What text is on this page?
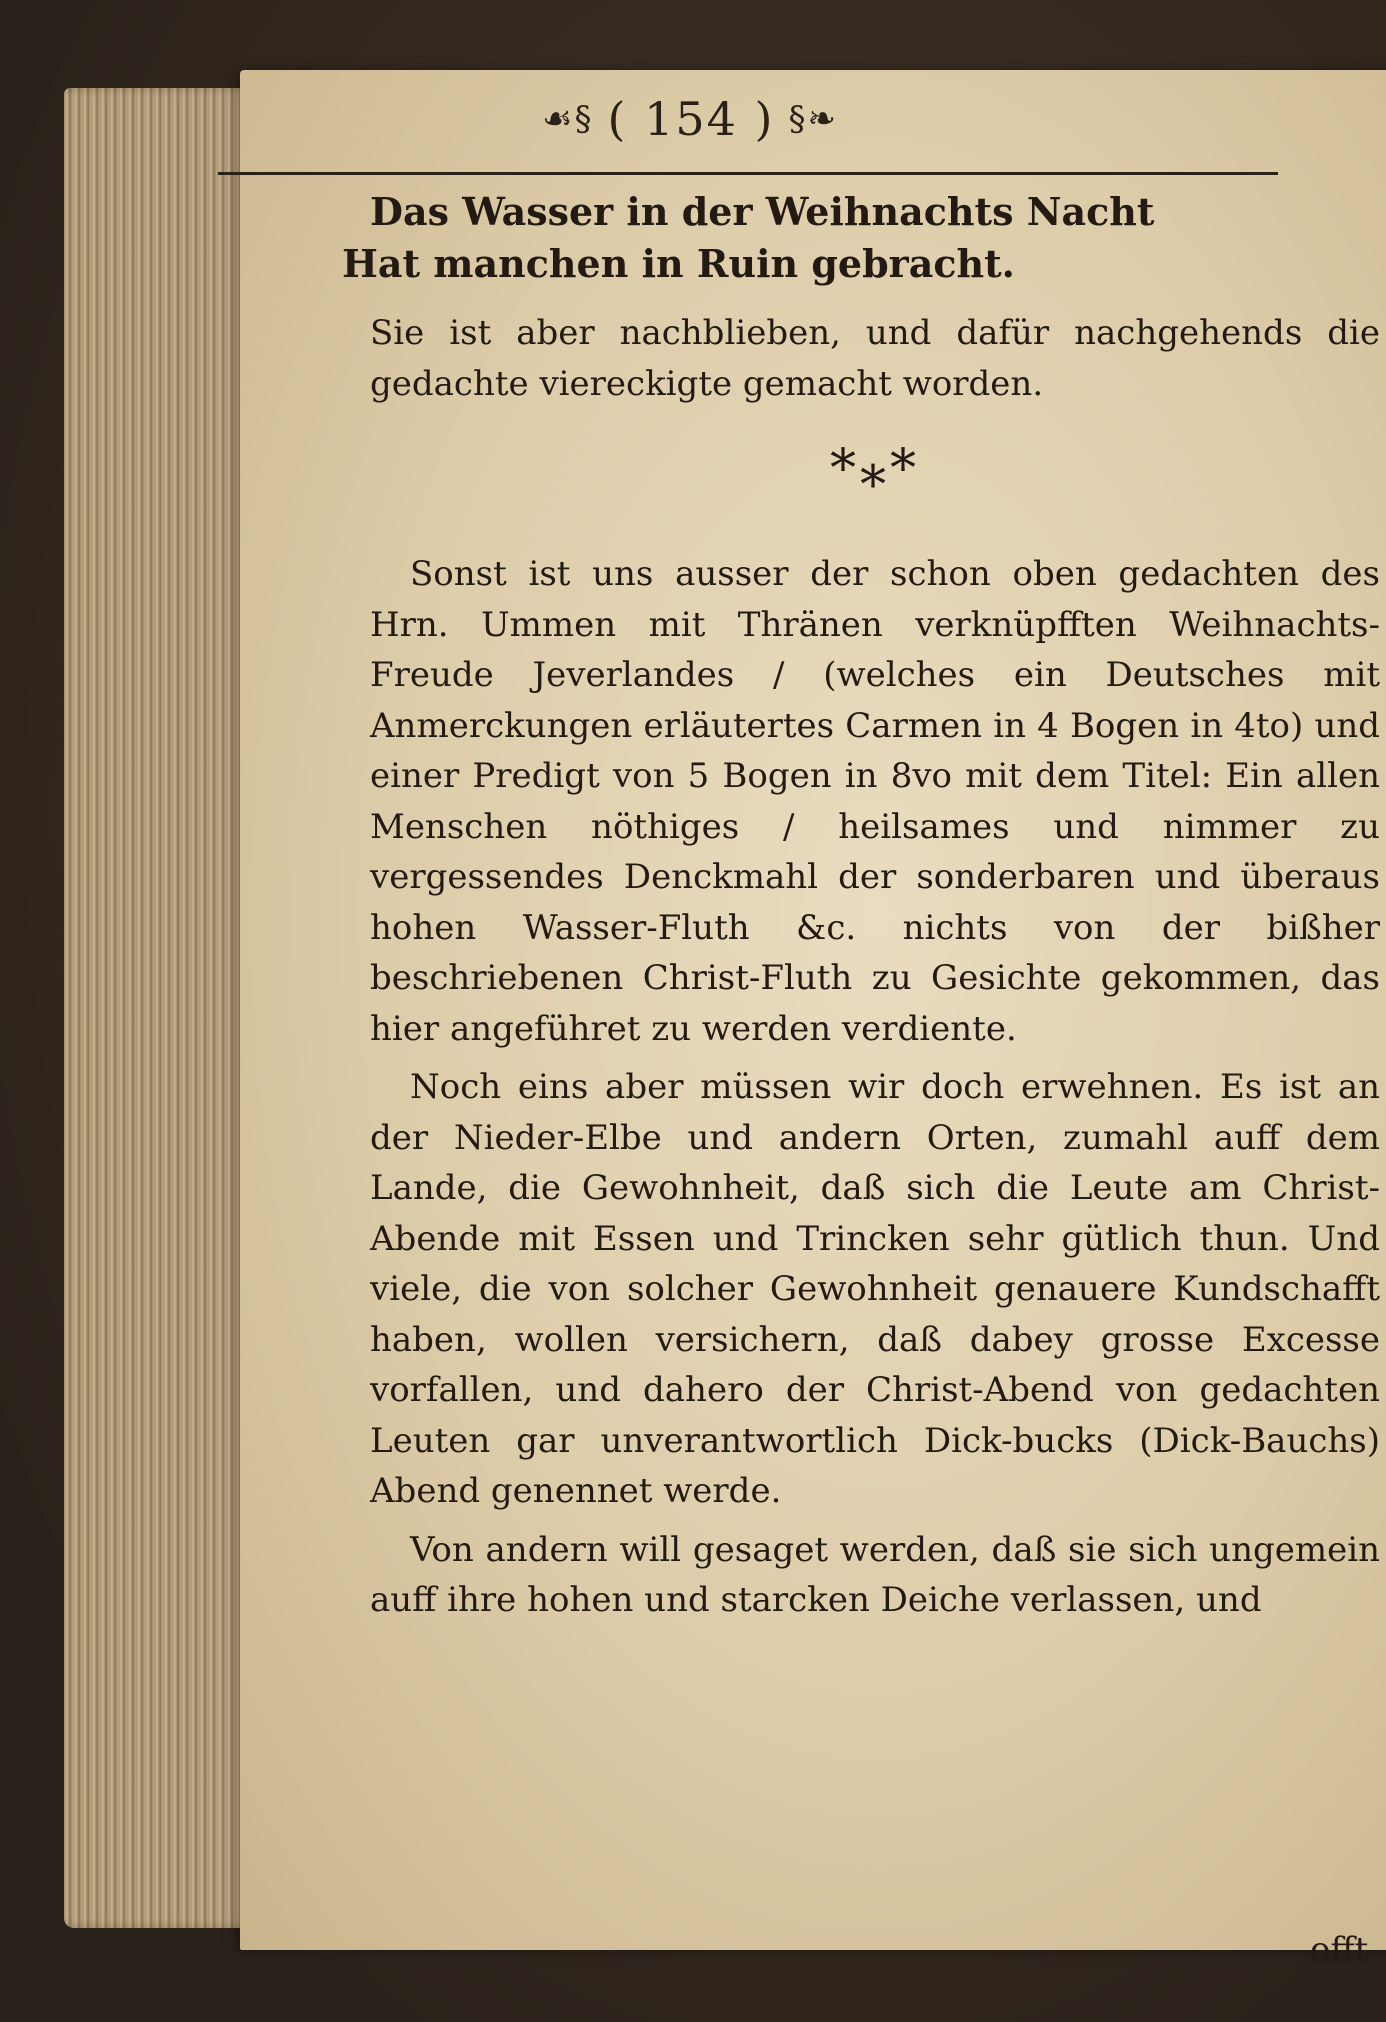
☙§ ( 154 ) §❧
Das Wasser in der Weihnachts Nacht
Hat manchen in Ruin gebracht.

Sie ist aber nachblieben, und dafür nachgehends die gedachte viereckigte gemacht worden.

*⁎*

Sonst ist uns ausser der schon oben gedachten des Hrn. Ummen mit Thränen verknüpfften Weihnachts-Freude Jeverlandes / (welches ein Deutsches mit Anmerckungen erläutertes Carmen in 4 Bogen in 4to) und einer Predigt von 5 Bogen in 8vo mit dem Titel: Ein allen Menschen nöthiges / heilsames und nimmer zu vergessendes Denckmahl der sonderbaren und überaus hohen Wasser-Fluth &c. nichts von der bißher beschriebenen Christ-Fluth zu Gesichte gekommen, das hier angeführet zu werden verdiente.

Noch eins aber müssen wir doch erwehnen. Es ist an der Nieder-Elbe und andern Orten, zumahl auff dem Lande, die Gewohnheit, daß sich die Leute am Christ-Abende mit Essen und Trincken sehr gütlich thun. Und viele, die von solcher Gewohnheit genauere Kundschafft haben, wollen versichern, daß dabey grosse Excesse vorfallen, und dahero der Christ-Abend von gedachten Leuten gar unverantwortlich Dick-bucks (Dick-Bauchs) Abend genennet werde.

Von andern will gesaget werden, daß sie sich ungemein auff ihre hohen und starcken Deiche verlassen, und

offt
